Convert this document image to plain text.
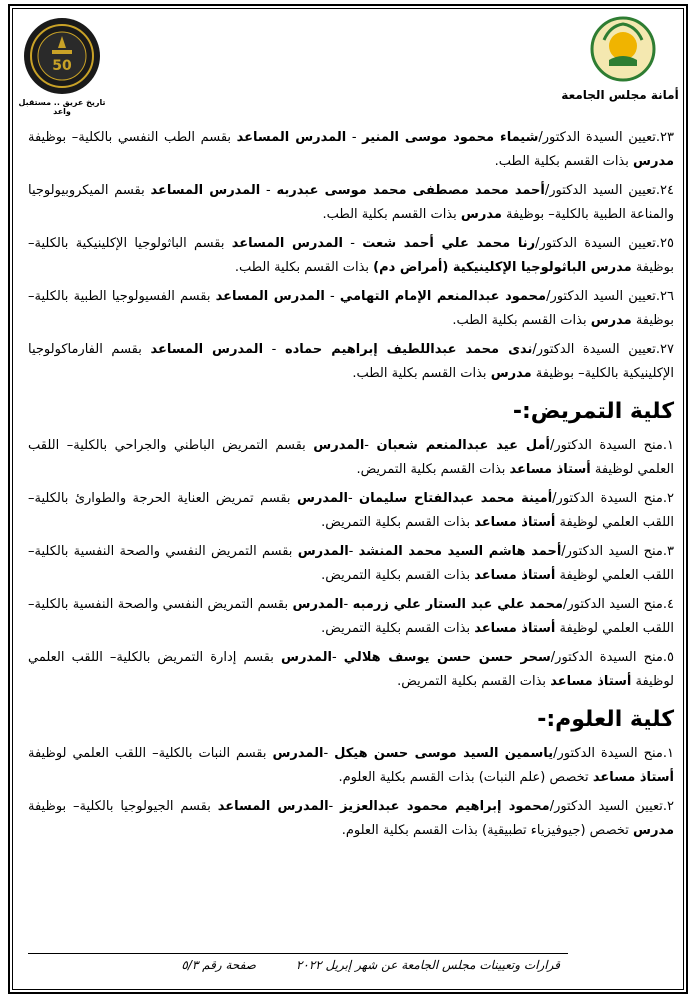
50
تاريخ عريق .. مستقبل واعد
أمانة مجلس الجامعة
٢٣.تعيين السيدة الدكتور/شيماء محمود موسى المنير - المدرس المساعد بقسم الطب النفسي بالكلية– بوظيفة مدرس بذات القسم بكلية الطب.
٢٤.تعيين السيد الدكتور/أحمد محمد مصطفى محمد موسى عبدربه - المدرس المساعد بقسم الميكروبيولوجيا والمناعة الطبية بالكلية– بوظيفة مدرس بذات القسم بكلية الطب.
٢٥.تعيين السيدة الدكتور/رنا محمد علي أحمد شعت - المدرس المساعد بقسم الباثولوجيا الإكلينيكية بالكلية– بوظيفة مدرس الباثولوجيا الإكلينيكية (أمراض دم) بذات القسم بكلية الطب.
٢٦.تعيين السيد الدكتور/محمود عبدالمنعم الإمام التهامي - المدرس المساعد بقسم الفسيولوجيا الطبية بالكلية– بوظيفة مدرس بذات القسم بكلية الطب.
٢٧.تعيين السيدة الدكتور/ندى محمد عبداللطيف إبراهيم حماده - المدرس المساعد بقسم الفارماكولوجيا الإكلينيكية بالكلية– بوظيفة مدرس بذات القسم بكلية الطب.
كلية التمريض:-
١.منح السيدة الدكتور/أمل عيد عبدالمنعم شعبان -المدرس بقسم التمريض الباطني والجراحي بالكلية– اللقب العلمي لوظيفة أستاذ مساعد بذات القسم بكلية التمريض.
٢.منح السيدة الدكتور/أمينة محمد عبدالفتاح سليمان -المدرس بقسم تمريض العناية الحرجة والطوارئ بالكلية– اللقب العلمي لوظيفة أستاذ مساعد بذات القسم بكلية التمريض.
٣.منح السيد الدكتور/أحمد هاشم السيد محمد المنشد -المدرس بقسم التمريض النفسي والصحة النفسية بالكلية– اللقب العلمي لوظيفة أستاذ مساعد بذات القسم بكلية التمريض.
٤.منح السيد الدكتور/محمد علي عبد الستار علي زرمبه -المدرس بقسم التمريض النفسي والصحة النفسية بالكلية– اللقب العلمي لوظيفة أستاذ مساعد بذات القسم بكلية التمريض.
٥.منح السيدة الدكتور/سحر حسن حسن يوسف هلالي -المدرس بقسم إدارة التمريض بالكلية– اللقب العلمي لوظيفة أستاذ مساعد بذات القسم بكلية التمريض.
كلية العلوم:-
١.منح السيدة الدكتور/ياسمين السيد موسى حسن هيكل -المدرس بقسم النبات بالكلية– اللقب العلمي لوظيفة أستاذ مساعد تخصص (علم النبات) بذات القسم بكلية العلوم.
٢.تعيين السيد الدكتور/محمود إبراهيم محمود عبدالعزيز -المدرس المساعد بقسم الجيولوجيا بالكلية– بوظيفة مدرس تخصص (جيوفيزياء تطبيقية) بذات القسم بكلية العلوم.
قرارات وتعيينات مجلس الجامعة عن شهر إبريل ٢٠٢٢
صفحة رقم ٥/٣
